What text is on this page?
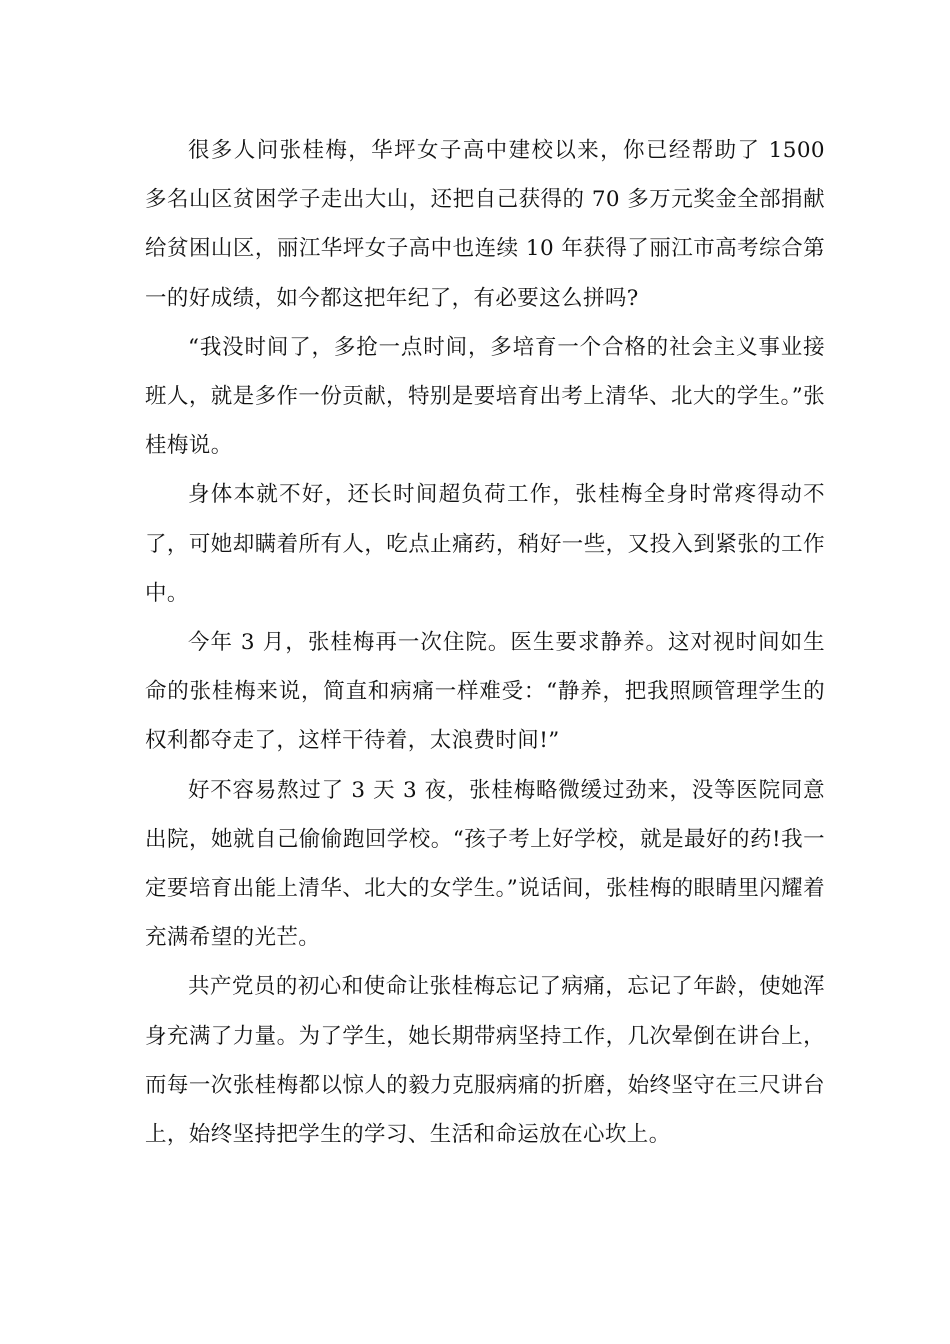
很多人问张桂梅，华坪女子高中建校以来，你已经帮助了 1500 多名山区贫困学子走出大山，还把自己获得的 70 多万元奖金全部捐献给贫困山区，丽江华坪女子高中也连续 10 年获得了丽江市高考综合第一的好成绩，如今都这把年纪了，有必要这么拼吗?

“我没时间了，多抢一点时间，多培育一个合格的社会主义事业接班人，就是多作一份贡献，特别是要培育出考上清华、北大的学生。”张桂梅说。

身体本就不好，还长时间超负荷工作，张桂梅全身时常疼得动不了，可她却瞒着所有人，吃点止痛药，稍好一些，又投入到紧张的工作中。

今年 3 月，张桂梅再一次住院。医生要求静养。这对视时间如生命的张桂梅来说，简直和病痛一样难受：“静养，把我照顾管理学生的权利都夺走了，这样干待着，太浪费时间!”

好不容易熬过了 3 天 3 夜，张桂梅略微缓过劲来，没等医院同意出院，她就自己偷偷跑回学校。“孩子考上好学校，就是最好的药!我一定要培育出能上清华、北大的女学生。”说话间，张桂梅的眼睛里闪耀着充满希望的光芒。

共产党员的初心和使命让张桂梅忘记了病痛，忘记了年龄，使她浑身充满了力量。为了学生，她长期带病坚持工作，几次晕倒在讲台上，而每一次张桂梅都以惊人的毅力克服病痛的折磨，始终坚守在三尺讲台上，始终坚持把学生的学习、生活和命运放在心坎上。
